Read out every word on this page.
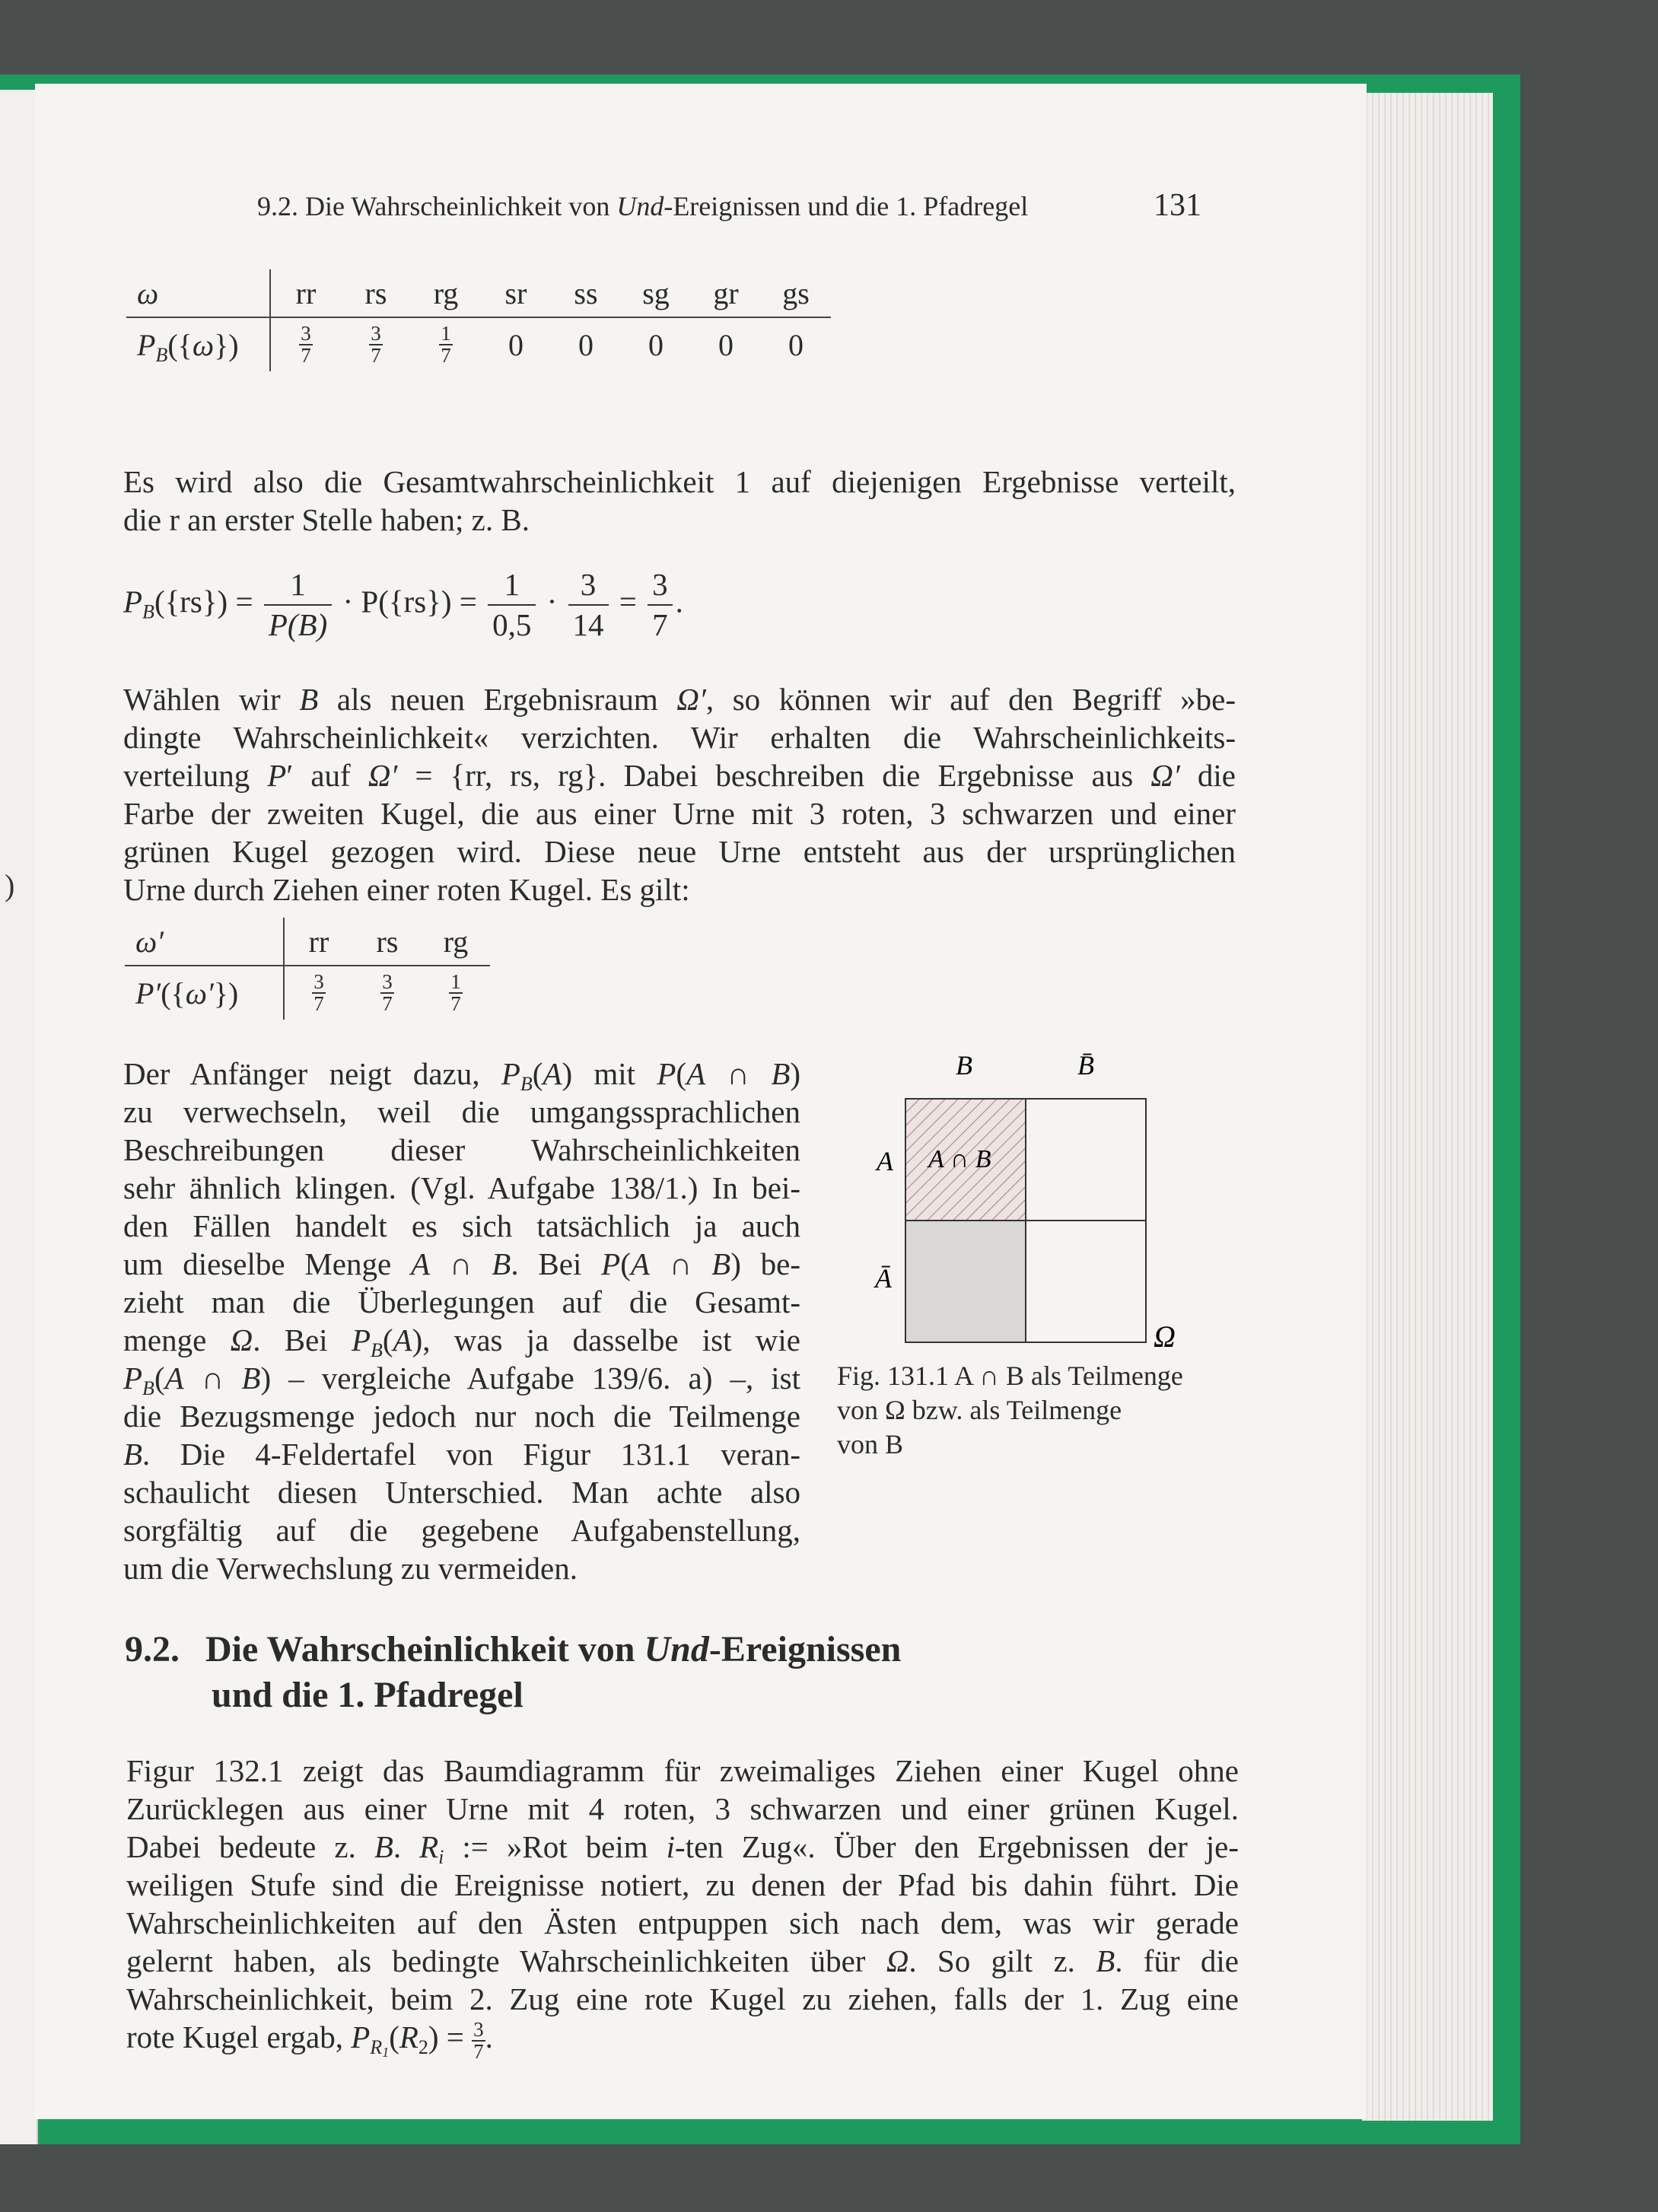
)
9.2. Die Wahrscheinlichkeit von Und-Ereignissen und die 1. Pfadregel	131
ω	rr	rs	rg	sr	ss	sg	gr	gs
$P_B(\{\omega\})$	$\frac{3}{7}$	$\frac{3}{7}$	$\frac{1}{7}$	0	0	0	0	0
Es wird also die Gesamtwahrscheinlichkeit 1 auf diejenigen Ergebnisse verteilt,
die r an erster Stelle haben; z. B.
$P_B(\{rs\}) = \frac{1}{P(B)} \cdot P(\{rs\}) = \frac{1}{0,5} \cdot \frac{3}{14} = \frac{3}{7}$ .
Wählen wir B als neuen Ergebnisraum Ω′, so können wir auf den Begriff »be-
dingte Wahrscheinlichkeit« verzichten. Wir erhalten die Wahrscheinlichkeits-
verteilung P′ auf Ω′ = {rr, rs, rg}. Dabei beschreiben die Ergebnisse aus Ω′ die
Farbe der zweiten Kugel, die aus einer Urne mit 3 roten, 3 schwarzen und einer
grünen Kugel gezogen wird. Diese neue Urne entsteht aus der ursprünglichen
Urne durch Ziehen einer roten Kugel. Es gilt:
ω′	rr	rs	rg
P′({ω′})	$\frac{3}{7}$	$\frac{3}{7}$	$\frac{1}{7}$
Der Anfänger neigt dazu, $P_B(A)$ mit P(A ∩ B)
zu verwechseln, weil die umgangssprachlichen
Beschreibungen dieser Wahrscheinlichkeiten
sehr ähnlich klingen. (Vgl. Aufgabe 138/1.) In bei-
den Fällen handelt es sich tatsächlich ja auch
um dieselbe Menge A ∩ B. Bei P(A ∩ B) be-
zieht man die Überlegungen auf die Gesamt-
menge Ω. Bei $P_B(A)$, was ja dasselbe ist wie
$P_B(A$ ∩ B) – vergleiche Aufgabe 139/6. a) –, ist
die Bezugsmenge jedoch nur noch die Teilmenge
B. Die 4-Feldertafel von Figur 131.1 veran-
schaulicht diesen Unterschied. Man achte also
sorgfältig auf die gegebene Aufgabenstellung,
um die Verwechslung zu vermeiden.
B	B̄
A
Ā
A ∩ B
Ω
Fig. 131.1 A ∩ B als Teilmenge
von Ω bzw. als Teilmenge
von B
9.2. Die Wahrscheinlichkeit von Und-Ereignissen
und die 1. Pfadregel
Figur 132.1 zeigt das Baumdiagramm für zweimaliges Ziehen einer Kugel ohne
Zurücklegen aus einer Urne mit 4 roten, 3 schwarzen und einer grünen Kugel.
Dabei bedeute z. B. $R_i$ := »Rot beim i-ten Zug«. Über den Ergebnissen der je-
weiligen Stufe sind die Ereignisse notiert, zu denen der Pfad bis dahin führt. Die
Wahrscheinlichkeiten auf den Ästen entpuppen sich nach dem, was wir gerade
gelernt haben, als bedingte Wahrscheinlichkeiten über Ω. So gilt z. B. für die
Wahrscheinlichkeit, beim 2. Zug eine rote Kugel zu ziehen, falls der 1. Zug eine
rote Kugel ergab, $P_{R_1}(R_2) = \frac{3}{7}$ .
